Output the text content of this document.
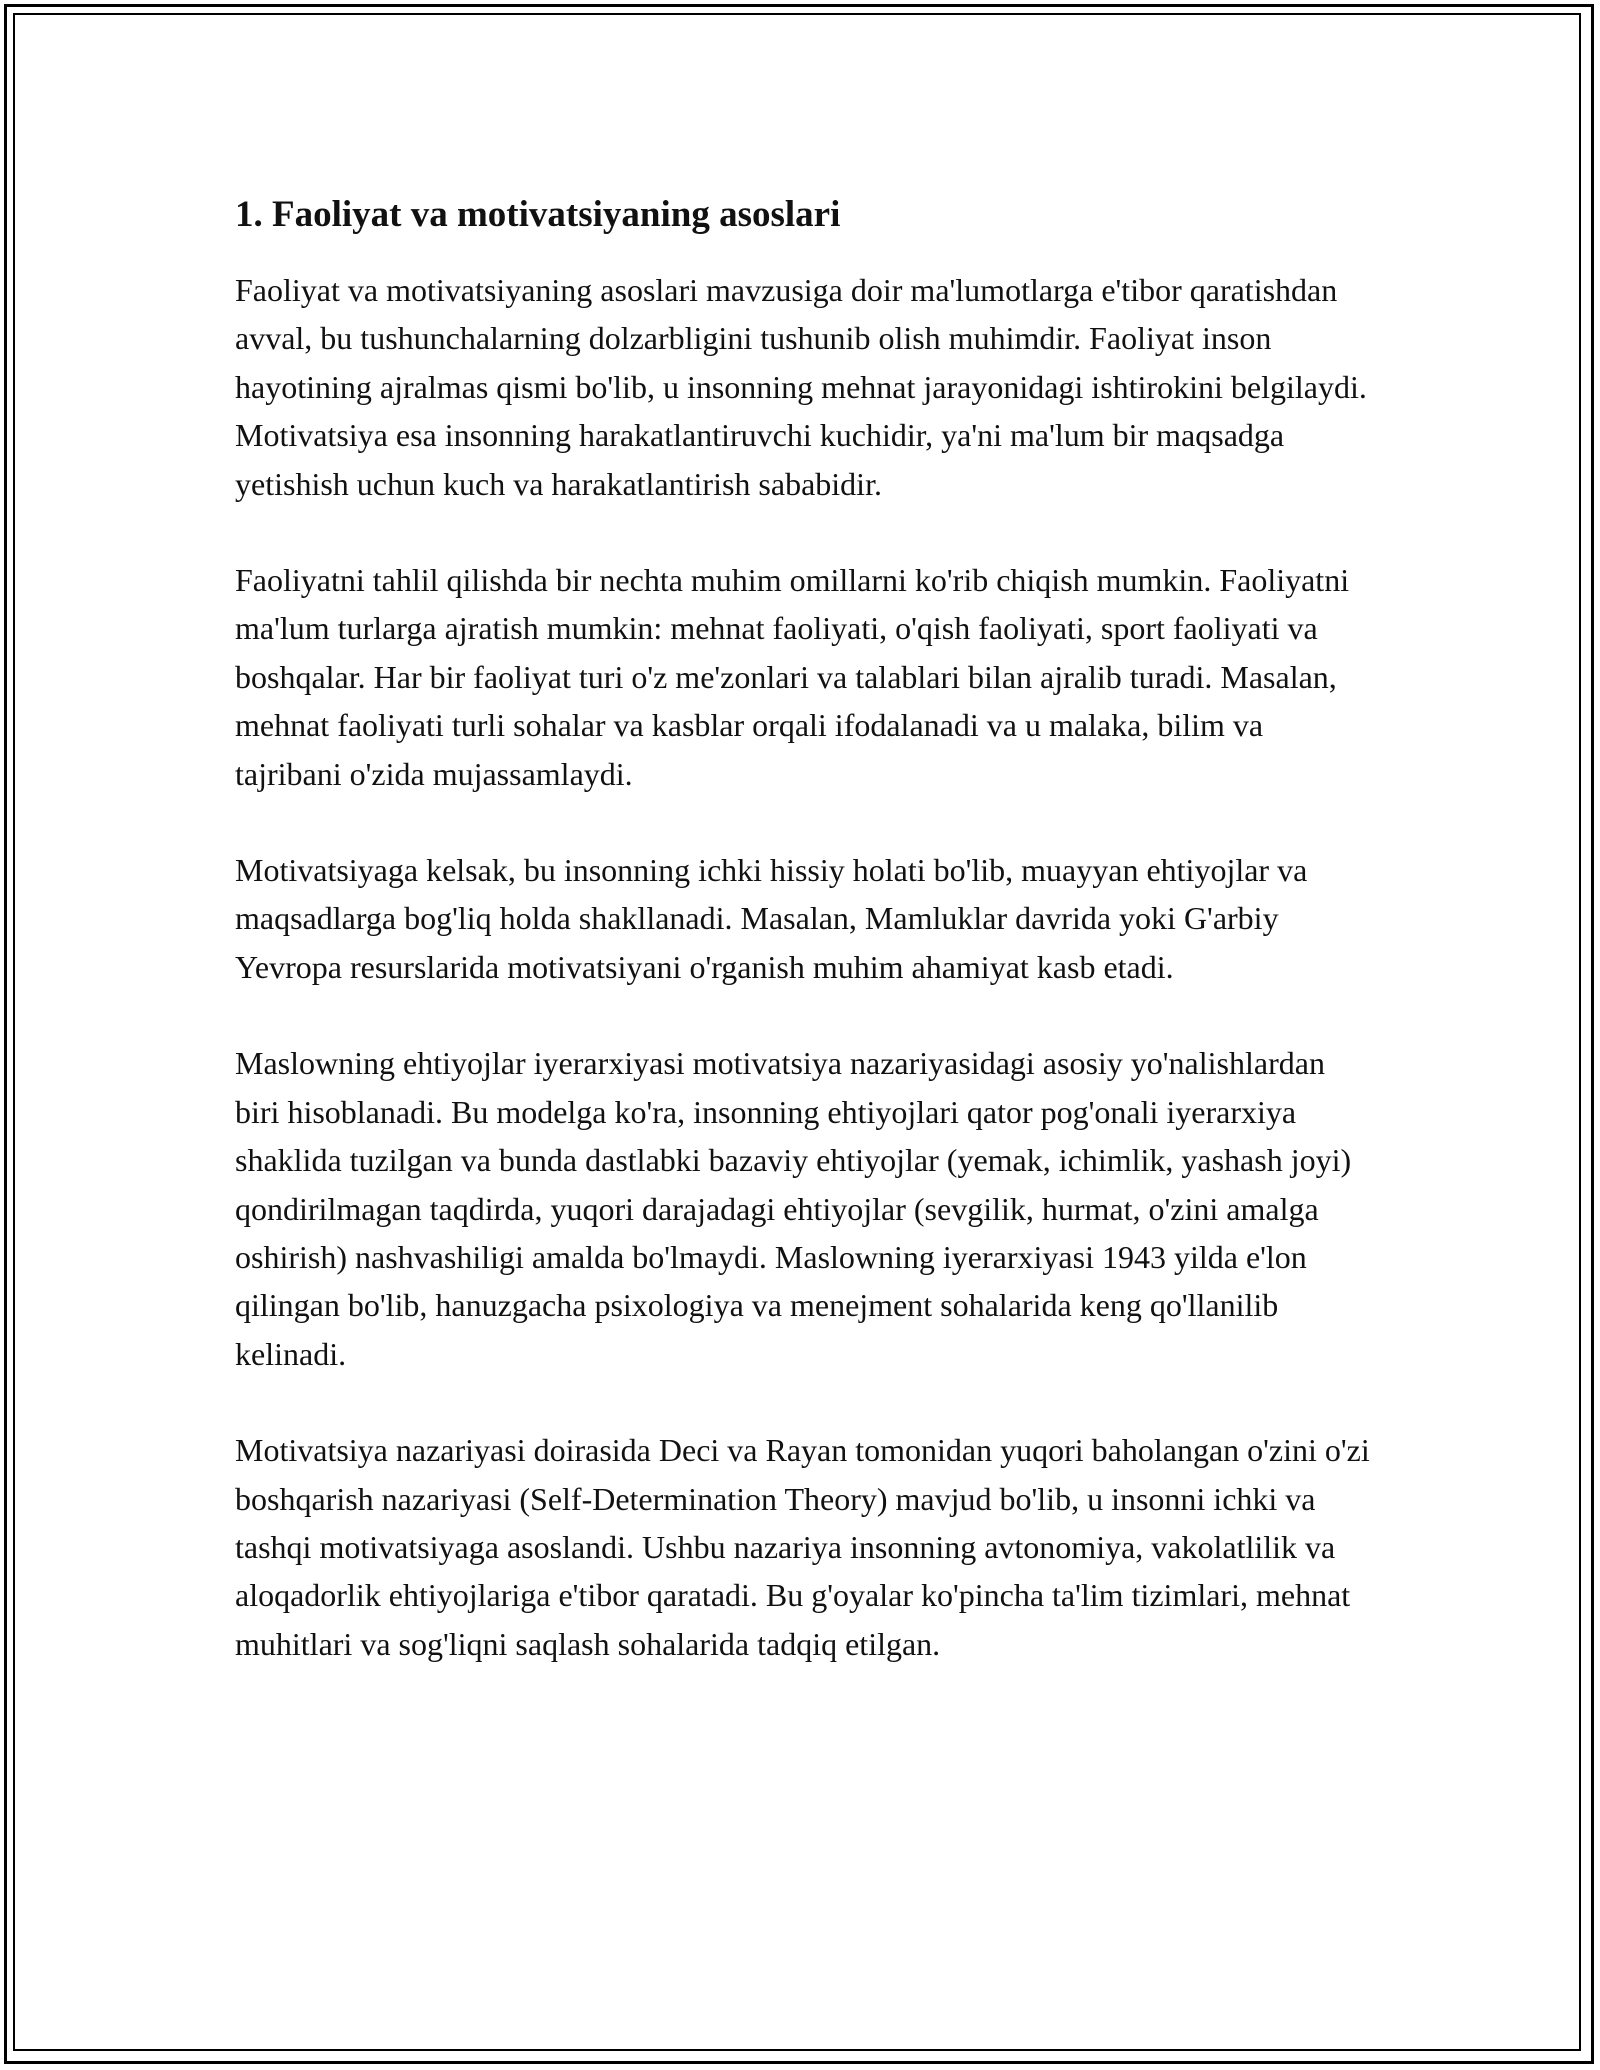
1. Faoliyat va motivatsiyaning asoslari

Faoliyat va motivatsiyaning asoslari mavzusiga doir ma'lumotlarga e'tibor qaratishdan avval, bu tushunchalarning dolzarbligini tushunib olish muhimdir. Faoliyat inson hayotining ajralmas qismi bo'lib, u insonning mehnat jarayonidagi ishtirokini belgilaydi. Motivatsiya esa insonning harakatlantiruvchi kuchidir, ya'ni ma'lum bir maqsadga yetishish uchun kuch va harakatlantirish sababidir.

Faoliyatni tahlil qilishda bir nechta muhim omillarni ko'rib chiqish mumkin. Faoliyatni ma'lum turlarga ajratish mumkin: mehnat faoliyati, o'qish faoliyati, sport faoliyati va boshqalar. Har bir faoliyat turi o'z me'zonlari va talablari bilan ajralib turadi. Masalan, mehnat faoliyati turli sohalar va kasblar orqali ifodalanadi va u malaka, bilim va tajribani o'zida mujassamlaydi.

Motivatsiyaga kelsak, bu insonning ichki hissiy holati bo'lib, muayyan ehtiyojlar va maqsadlarga bog'liq holda shakllanadi. Masalan, Mamluklar davrida yoki G'arbiy Yevropa resurslarida motivatsiyani o'rganish muhim ahamiyat kasb etadi.

Maslowning ehtiyojlar iyerarxiyasi motivatsiya nazariyasidagi asosiy yo'nalishlardan biri hisoblanadi. Bu modelga ko'ra, insonning ehtiyojlari qator pog'onali iyerarxiya shaklida tuzilgan va bunda dastlabki bazaviy ehtiyojlar (yemak, ichimlik, yashash joyi) qondirilmagan taqdirda, yuqori darajadagi ehtiyojlar (sevgilik, hurmat, o'zini amalga oshirish) nashvashiligi amalda bo'lmaydi. Maslowning iyerarxiyasi 1943 yilda e'lon qilingan bo'lib, hanuzgacha psixologiya va menejment sohalarida keng qo'llanilib kelinadi.

Motivatsiya nazariyasi doirasida Deci va Rayan tomonidan yuqori baholangan o'zini o'zi boshqarish nazariyasi (Self-Determination Theory) mavjud bo'lib, u insonni ichki va tashqi motivatsiyaga asoslandi. Ushbu nazariya insonning avtonomiya, vakolatlilik va aloqadorlik ehtiyojlariga e'tibor qaratadi. Bu g'oyalar ko'pincha ta'lim tizimlari, mehnat muhitlari va sog'liqni saqlash sohalarida tadqiq etilgan.
